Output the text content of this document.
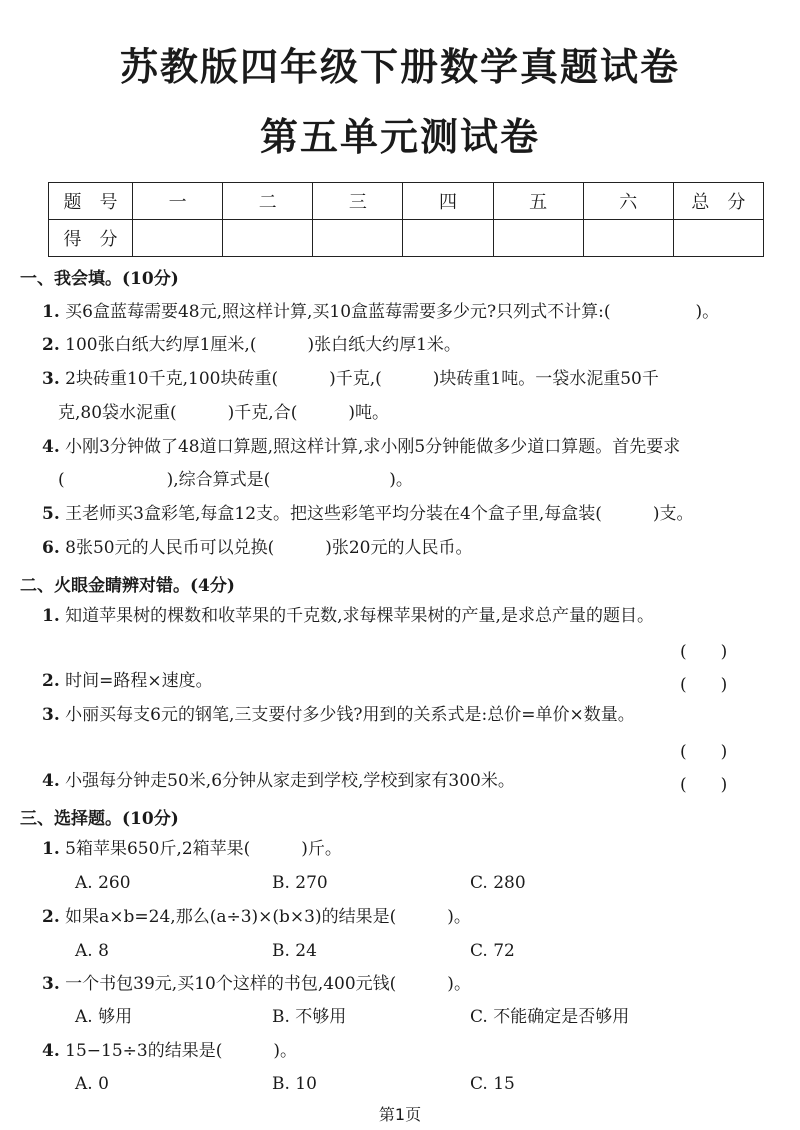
苏教版四年级下册数学真题试卷
第五单元测试卷
题　号	一	二	三	四	五	六	总　分
得　分							
一、我会填。(10分)
1. 买6盒蓝莓需要48元,照这样计算,买10盒蓝莓需要多少元?只列式不计算:(　　　　　)。
2. 100张白纸大约厚1厘米,(　　　)张白纸大约厚1米。
3. 2块砖重10千克,100块砖重(　　　)千克,(　　　)块砖重1吨。一袋水泥重50千
克,80袋水泥重(　　　)千克,合(　　　)吨。
4. 小刚3分钟做了48道口算题,照这样计算,求小刚5分钟能做多少道口算题。首先要求
(　　　　　　),综合算式是(　　　　　　　)。
5. 王老师买3盒彩笔,每盒12支。把这些彩笔平均分装在4个盒子里,每盒装(　　　)支。
6. 8张50元的人民币可以兑换(　　　)张20元的人民币。
二、火眼金睛辨对错。(4分)
1. 知道苹果树的棵数和收苹果的千克数,求每棵苹果树的产量,是求总产量的题目。
(　　)
2. 时间=路程×速度。	(　　)
3. 小丽买每支6元的钢笔,三支要付多少钱?用到的关系式是:总价=单价×数量。
(　　)
4. 小强每分钟走50米,6分钟从家走到学校,学校到家有300米。	(　　)
三、选择题。(10分)
1. 5箱苹果650斤,2箱苹果(　　　)斤。
A. 260	B. 270	C. 280
2. 如果a×b=24,那么(a÷3)×(b×3)的结果是(　　　)。
A. 8	B. 24	C. 72
3. 一个书包39元,买10个这样的书包,400元钱(　　　)。
A. 够用	B. 不够用	C. 不能确定是否够用
4. 15−15÷3的结果是(　　　)。
A. 0	B. 10	C. 15
第1页
